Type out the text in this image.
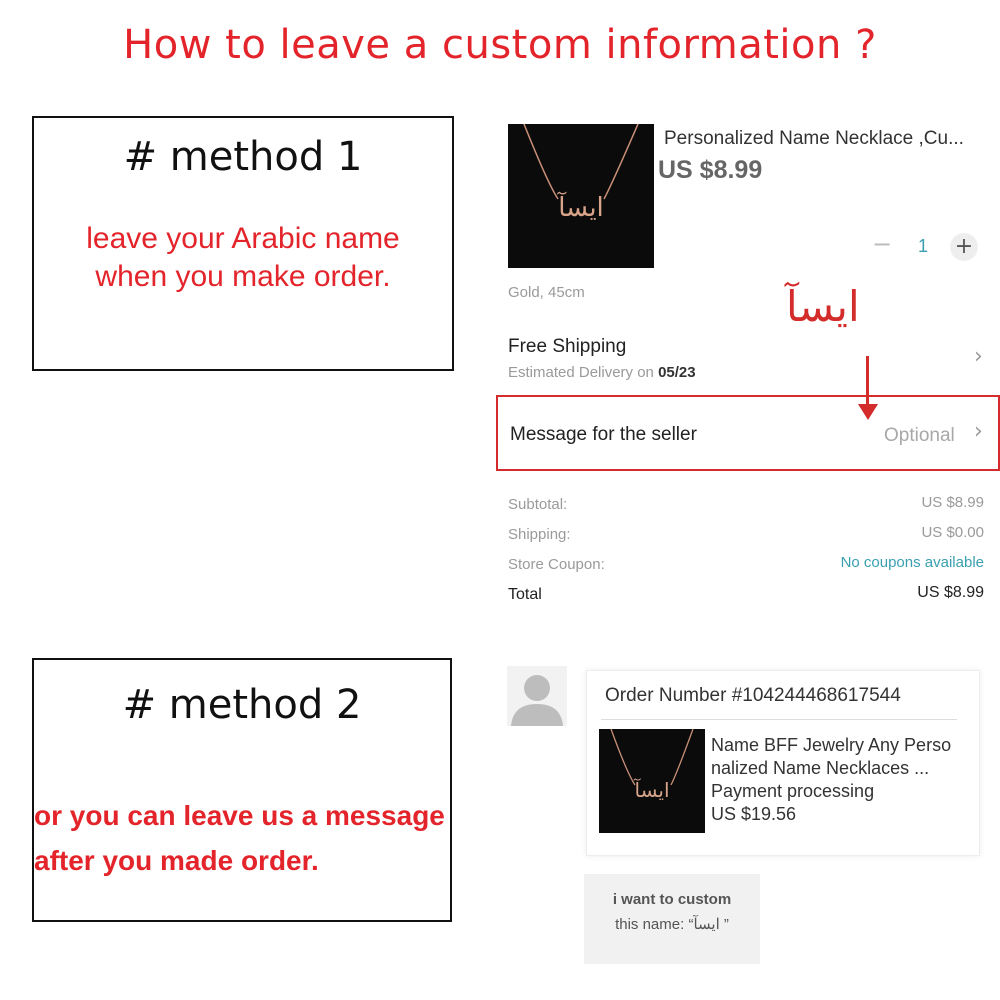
How to leave a custom information ?
# method 1
leave your Arabic name
when you make order.
# method 2
or you can leave us a message
after you made order.
ايسآ
Personalized Name Necklace ,Cu...
US $8.99
− 1 +
Gold, 45cm	ايسآ
Free Shipping
Estimated Delivery on 05/23
›
Message for the seller	Optional ›
Subtotal:	US $8.99
Shipping:	US $0.00
Store Coupon:	No coupons available
Total	US $8.99
Order Number #104244468617544
ايسآ
Name BFF Jewelry Any Perso
nalized Name Necklaces ...
Payment processing
US $19.56
i want to custom
this name: “ايسآ ”
